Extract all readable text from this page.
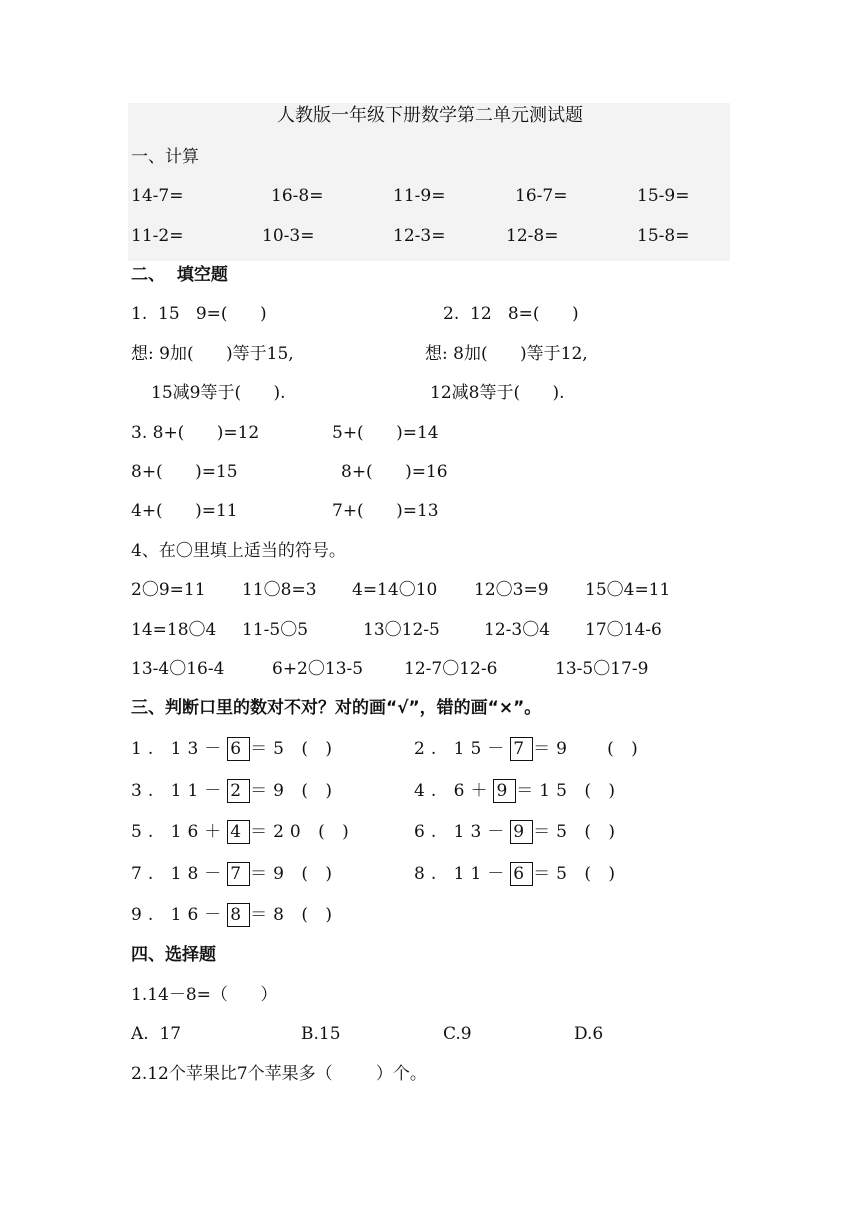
人教版一年级下册数学第二单元测试题
一、计算
14-7=	16-8=	11-9=	16-7=	15-9=
11-2=	10-3=	12-3=	12-8=	15-8=
二、  填空题
1.  15   9=(      )	2.  12   8=(      )
想: 9加(      )等于15,	想: 8加(      )等于12,
15减9等于(      ).	12减8等于(      ).
3. 8+(      )=12	5+(      )=14
8+(      )=15	8+(      )=16
4+(      )=11	7+(      )=13
4、在〇里填上适当的符号。
2〇9=11 11〇8=3 4=14〇10 12〇3=9 15〇4=11
14=18〇4 11-5〇5	13〇12-5	12-3〇4 17〇14-6
13-4〇16-4	6+2〇13-5 12-7〇12-6	13-5〇17-9
三、判断口里的数对不对？对的画“√”，错的画“×”。
1. 13－ 6 ＝5 ( )	2. 15－ 7 ＝9   ( )
3. 11－ 2 ＝9 ( )	4. 6＋ 9 ＝15 ( )
5. 16＋ 4 ＝20 ( )	6. 13－ 9 ＝5 ( )
7. 18－ 7 ＝9 ( )	8. 11－ 6 ＝5 ( )
9. 16－ 8 ＝8 ( )
四、选择题
1.14－8=（      ）
A.  17	B.15	C.9	D.6
2.12个苹果比7个苹果多（        ）个。
